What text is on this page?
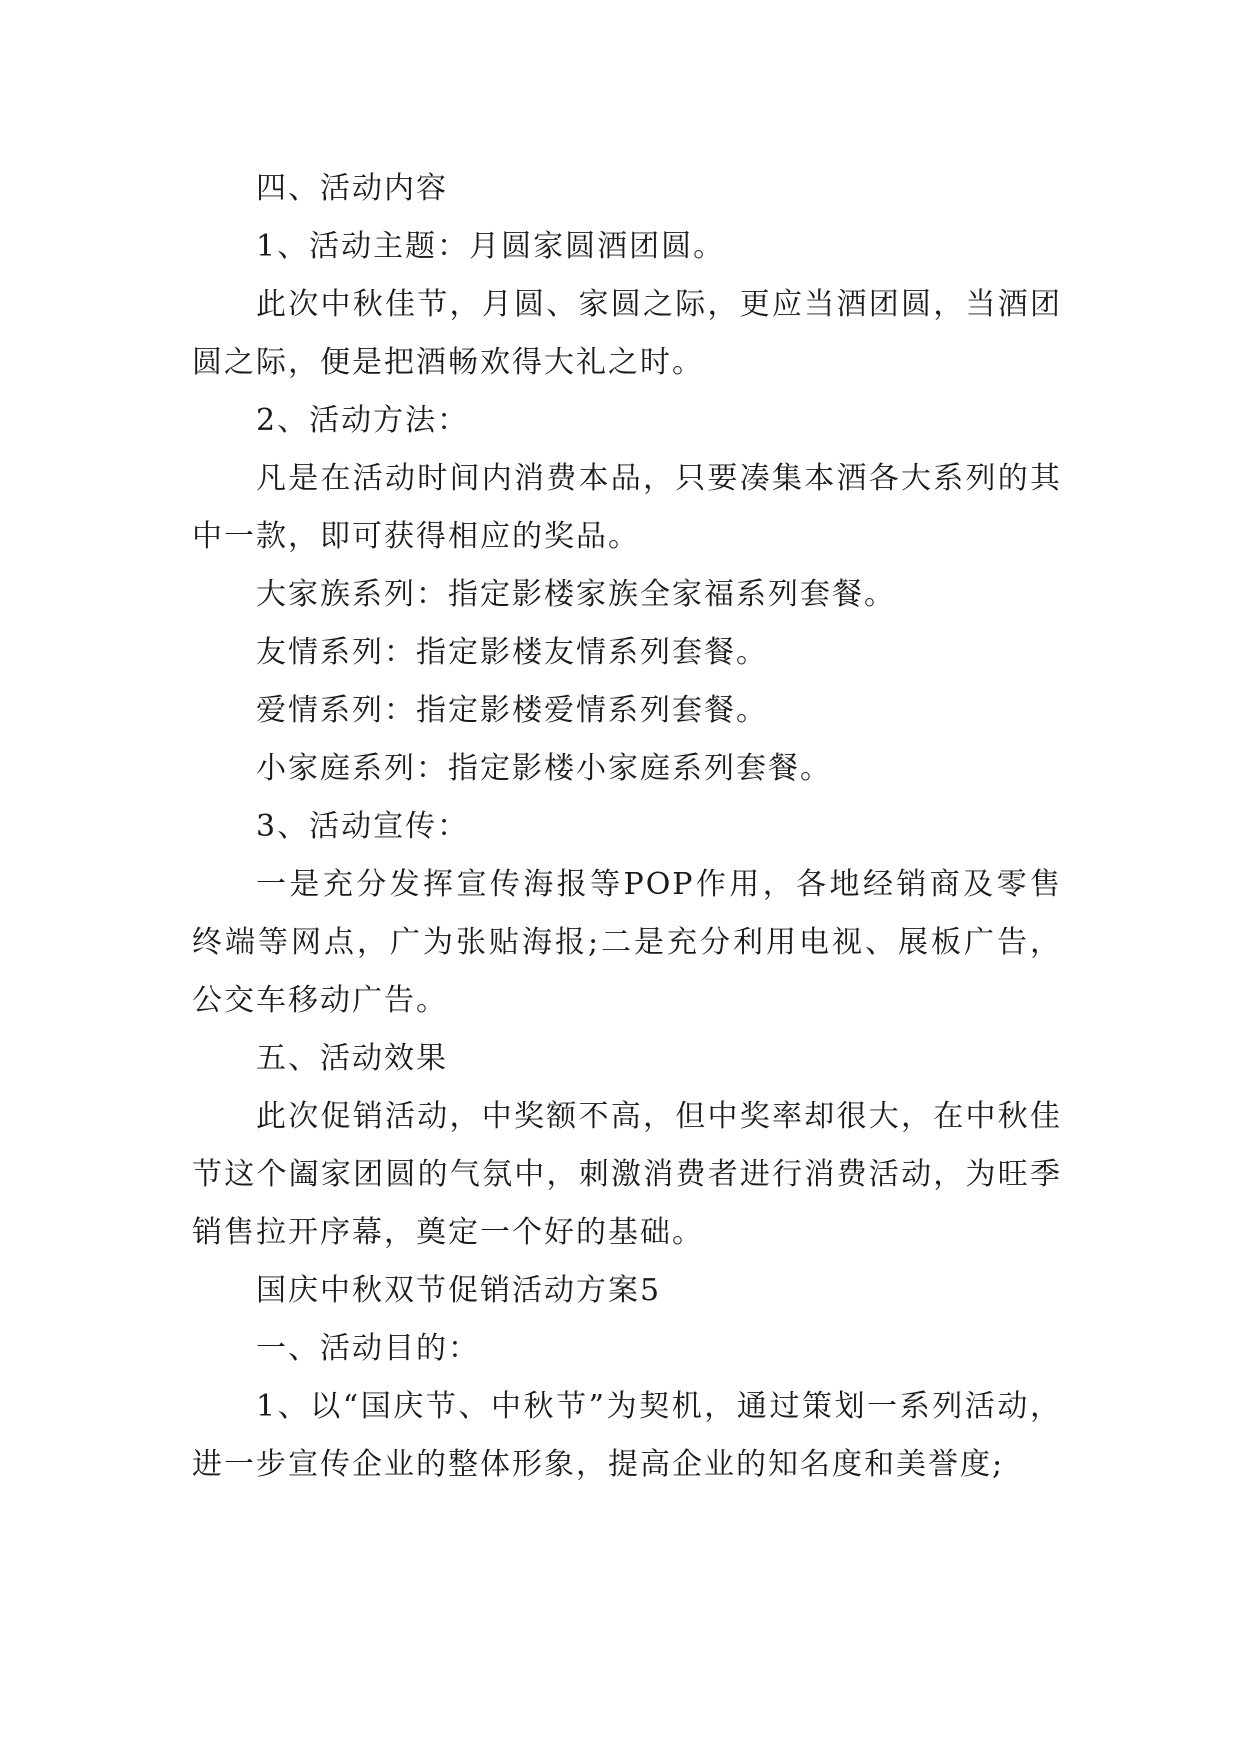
四、活动内容

1、活动主题：月圆家圆酒团圆。

此次中秋佳节，月圆、家圆之际，更应当酒团圆，当酒团圆之际，便是把酒畅欢得大礼之时。

2、活动方法：

凡是在活动时间内消费本品，只要凑集本酒各大系列的其中一款，即可获得相应的奖品。

大家族系列：指定影楼家族全家福系列套餐。

友情系列：指定影楼友情系列套餐。

爱情系列：指定影楼爱情系列套餐。

小家庭系列：指定影楼小家庭系列套餐。

3、活动宣传：

一是充分发挥宣传海报等POP作用，各地经销商及零售终端等网点，广为张贴海报;二是充分利用电视、展板广告，公交车移动广告。

五、活动效果

此次促销活动，中奖额不高，但中奖率却很大，在中秋佳节这个阖家团圆的气氛中，刺激消费者进行消费活动，为旺季销售拉开序幕，奠定一个好的基础。

国庆中秋双节促销活动方案5

一、活动目的：

1、以“国庆节、中秋节”为契机，通过策划一系列活动，进一步宣传企业的整体形象，提高企业的知名度和美誉度;
